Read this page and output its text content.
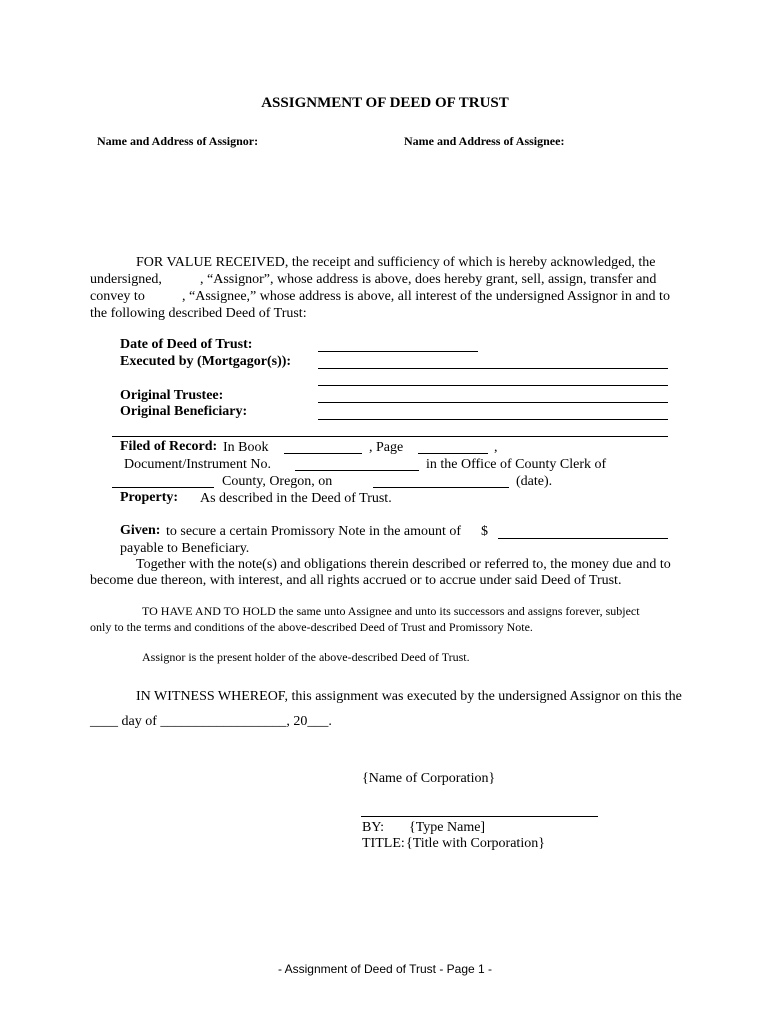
ASSIGNMENT OF DEED OF TRUST
Name and Address of Assignor:	Name and Address of Assignee:
FOR VALUE RECEIVED, the receipt and sufficiency of which is hereby acknowledged, the
undersigned,	, “Assignor”, whose address is above, does hereby grant, sell, assign, transfer and
convey to	, “Assignee,” whose address is above, all interest of the undersigned Assignor in and to
the following described Deed of Trust:
Date of Deed of Trust:
Executed by (Mortgagor(s)):
Original Trustee:
Original Beneficiary:
Filed of Record: In Book	, Page	,
Document/Instrument No.	in the Office of County Clerk of
County, Oregon, on	(date).
Property: As described in the Deed of Trust.
Given: to secure a certain Promissory Note in the amount of $
payable to Beneficiary.
Together with the note(s) and obligations therein described or referred to, the money due and to
become due thereon, with interest, and all rights accrued or to accrue under said Deed of Trust.
TO HAVE AND TO HOLD the same unto Assignee and unto its successors and assigns forever, subject
only to the terms and conditions of the above-described Deed of Trust and Promissory Note.
Assignor is the present holder of the above-described Deed of Trust.
IN WITNESS WHEREOF, this assignment was executed by the undersigned Assignor on this the
____ day of __________________, 20___.
{Name of Corporation}
BY: {Type Name]
TITLE: {Title with Corporation}
- Assignment of Deed of Trust - Page 1 -
